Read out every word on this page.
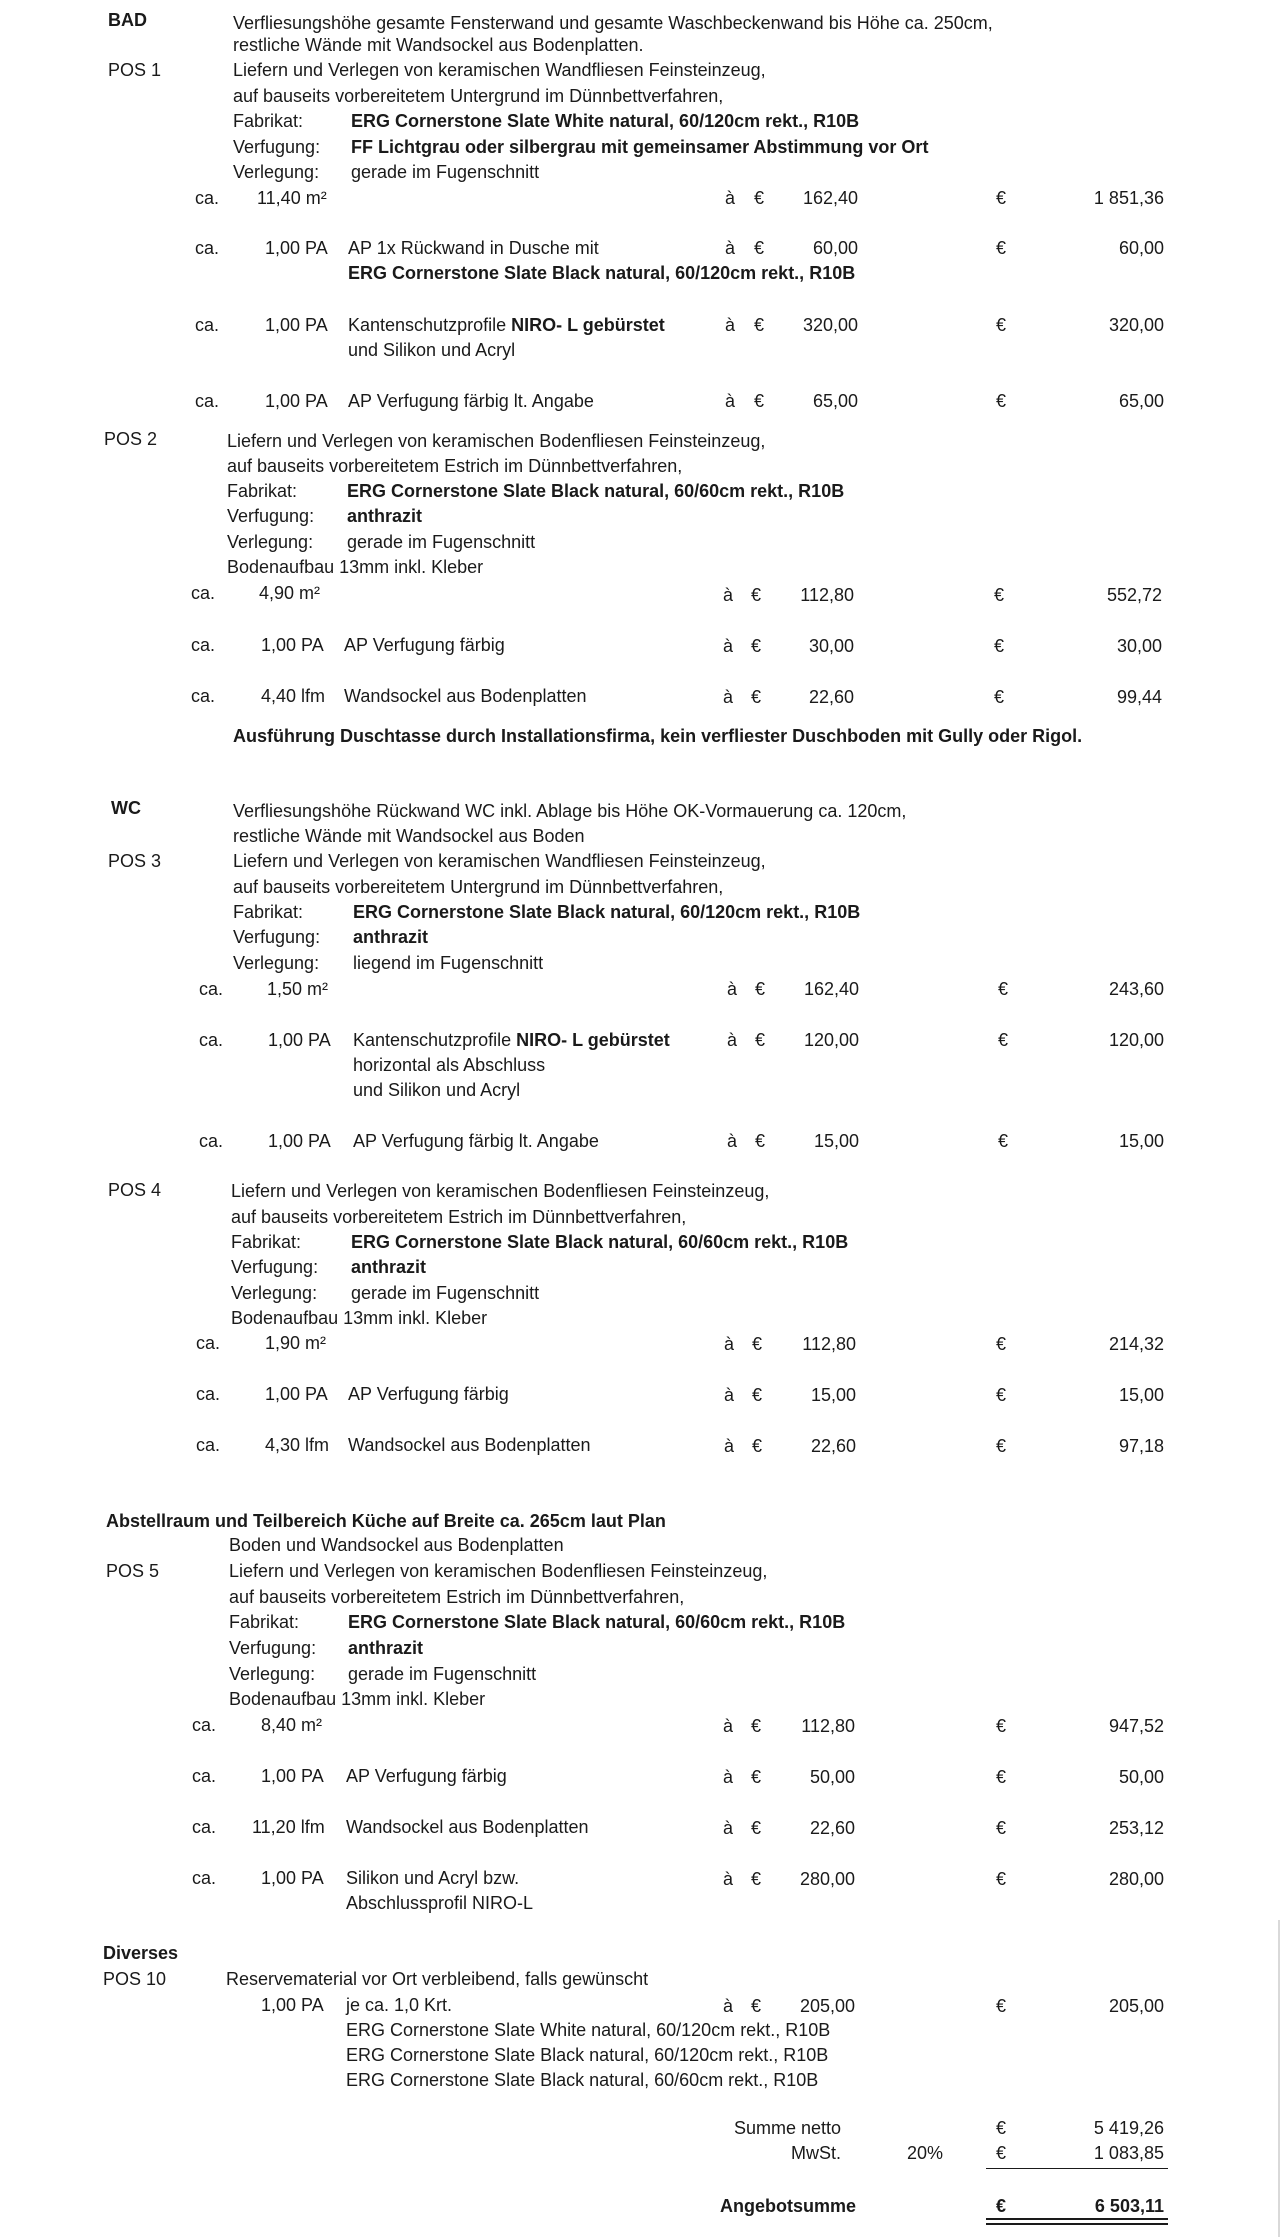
BAD	Verfliesungshöhe gesamte Fensterwand und gesamte Waschbeckenwand bis Höhe ca. 250cm,
restliche Wände mit Wandsockel aus Bodenplatten.
POS 1	Liefern und Verlegen von keramischen Wandfliesen Feinsteinzeug,
auf bauseits vorbereitetem Untergrund im Dünnbettverfahren,
Fabrikat:	ERG Cornerstone Slate White natural, 60/120cm rekt., R10B
Verfugung: FF Lichtgrau oder silbergrau mit gemeinsamer Abstimmung vor Ort
Verlegung: gerade im Fugenschnitt
ca. 11,40 m²	à € 162,40	€	1 851,36
ca.	1,00 PA AP 1x Rückwand in Dusche mit
ERG Cornerstone Slate Black natural, 60/120cm rekt., R10B
à €	60,00	€	60,00
ca.	1,00 PA Kantenschutzprofile NIRO- L gebürstet
und Silikon und Acryl
à € 320,00	€	320,00
ca.	1,00 PA AP Verfugung färbig lt. Angabe	à €	65,00	€	65,00
POS 2	Liefern und Verlegen von keramischen Bodenfliesen Feinsteinzeug,
auf bauseits vorbereitetem Estrich im Dünnbettverfahren,
Fabrikat:	ERG Cornerstone Slate Black natural, 60/60cm rekt., R10B
Verfugung: anthrazit
Verlegung: gerade im Fugenschnitt
Bodenaufbau 13mm inkl. Kleber
ca. 4,90 m²	à € 112,80	€	552,72
ca.	1,00 PA AP Verfugung färbig	à €	30,00	€	30,00
ca.	4,40 lfm Wandsockel aus Bodenplatten	à €	22,60	€	99,44
Ausführung Duschtasse durch Installationsfirma, kein verfliester Duschboden mit Gully oder Rigol.
WC	Verfliesungshöhe Rückwand WC inkl. Ablage bis Höhe OK-Vormauerung ca. 120cm,
restliche Wände mit Wandsockel aus Boden
POS 3	Liefern und Verlegen von keramischen Wandfliesen Feinsteinzeug,
auf bauseits vorbereitetem Untergrund im Dünnbettverfahren,
Fabrikat:	ERG Cornerstone Slate Black natural, 60/120cm rekt., R10B
Verfugung: anthrazit
Verlegung: liegend im Fugenschnitt
ca. 1,50 m²	à € 162,40	€	243,60
ca. 1,00 PA Kantenschutzprofile NIRO- L gebürstet
horizontal als Abschluss
und Silikon und Acryl
à € 120,00	€	120,00
ca. 1,00 PA AP Verfugung färbig lt. Angabe	à €	15,00	€	15,00
POS 4	Liefern und Verlegen von keramischen Bodenfliesen Feinsteinzeug,
auf bauseits vorbereitetem Estrich im Dünnbettverfahren,
Fabrikat:	ERG Cornerstone Slate Black natural, 60/60cm rekt., R10B
Verfugung: anthrazit
Verlegung: gerade im Fugenschnitt
Bodenaufbau 13mm inkl. Kleber
ca. 1,90 m²	à € 112,80	€	214,32
ca. 1,00 PA AP Verfugung färbig	à €	15,00	€	15,00
ca. 4,30 lfm Wandsockel aus Bodenplatten	à €	22,60	€	97,18
Abstellraum und Teilbereich Küche auf Breite ca. 265cm laut Plan
Boden und Wandsockel aus Bodenplatten
POS 5	Liefern und Verlegen von keramischen Bodenfliesen Feinsteinzeug,
auf bauseits vorbereitetem Estrich im Dünnbettverfahren,
Fabrikat:	ERG Cornerstone Slate Black natural, 60/60cm rekt., R10B
Verfugung: anthrazit
Verlegung: gerade im Fugenschnitt
Bodenaufbau 13mm inkl. Kleber
ca. 8,40 m²	à € 112,80	€	947,52
ca. 1,00 PA AP Verfugung färbig	à €	50,00	€	50,00
ca. 11,20 lfm Wandsockel aus Bodenplatten	à €	22,60	€	253,12
ca. 1,00 PA Silikon und Acryl bzw.
Abschlussprofil NIRO-L
à € 280,00	€	280,00
Diverses
POS 10	Reservematerial vor Ort verbleibend, falls gewünscht
1,00 PA je ca. 1,0 Krt.	à € 205,00	€	205,00
ERG Cornerstone Slate White natural, 60/120cm rekt., R10B
ERG Cornerstone Slate Black natural, 60/120cm rekt., R10B
ERG Cornerstone Slate Black natural, 60/60cm rekt., R10B
Summe netto	€	5 419,26
MwSt.	20%	€	1 083,85
Angebotsumme	€	6 503,11
